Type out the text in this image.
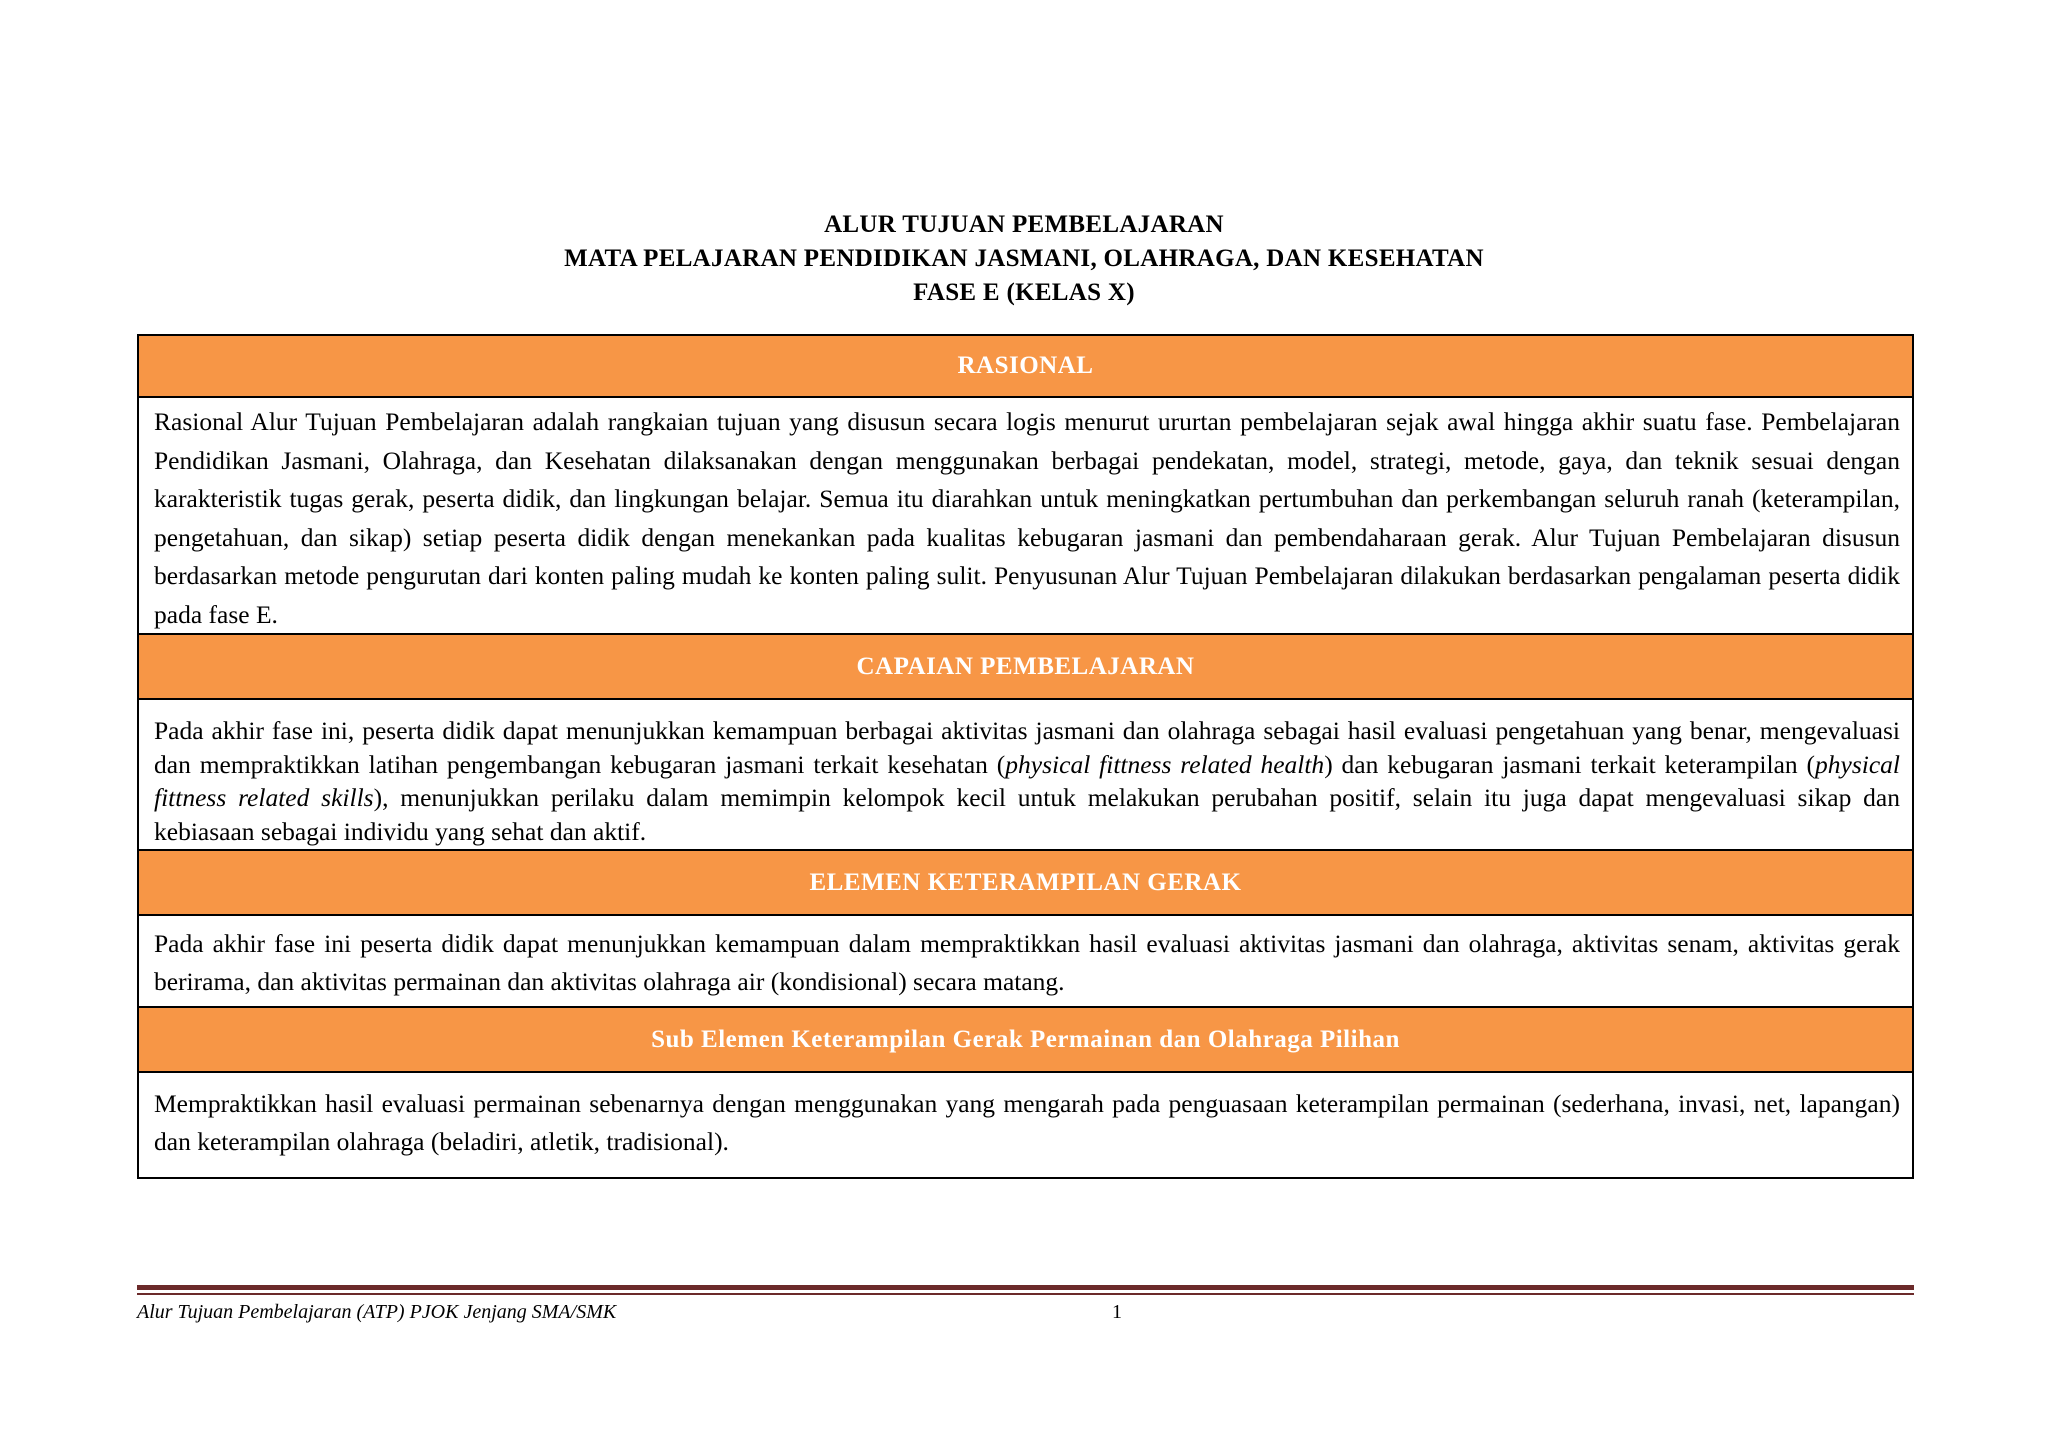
ALUR TUJUAN PEMBELAJARAN
MATA PELAJARAN PENDIDIKAN JASMANI, OLAHRAGA, DAN KESEHATAN
FASE E (KELAS X)
RASIONAL

Rasional Alur Tujuan Pembelajaran adalah rangkaian tujuan yang disusun secara logis menurut ururtan pembelajaran sejak awal hingga akhir suatu fase. Pembelajaran Pendidikan Jasmani, Olahraga, dan Kesehatan dilaksanakan dengan menggunakan berbagai pendekatan, model, strategi, metode, gaya, dan teknik sesuai dengan karakteristik tugas gerak, peserta didik, dan lingkungan belajar. Semua itu diarahkan untuk meningkatkan pertumbuhan dan perkembangan seluruh ranah (keterampilan, pengetahuan, dan sikap) setiap peserta didik dengan menekankan pada kualitas kebugaran jasmani dan pembendaharaan gerak. Alur Tujuan Pembelajaran disusun berdasarkan metode pengurutan dari konten paling mudah ke konten paling sulit. Penyusunan Alur Tujuan Pembelajaran dilakukan berdasarkan pengalaman peserta didik pada fase E.

CAPAIAN PEMBELAJARAN

Pada akhir fase ini, peserta didik dapat menunjukkan kemampuan berbagai aktivitas jasmani dan olahraga sebagai hasil evaluasi pengetahuan yang benar, mengevaluasi dan mempraktikkan latihan pengembangan kebugaran jasmani terkait kesehatan (physical fittness related health) dan kebugaran jasmani terkait keterampilan (physical fittness related skills), menunjukkan perilaku dalam memimpin kelompok kecil untuk melakukan perubahan positif, selain itu juga dapat mengevaluasi sikap dan kebiasaan sebagai individu yang sehat dan aktif.

ELEMEN KETERAMPILAN GERAK

Pada akhir fase ini peserta didik dapat menunjukkan kemampuan dalam mempraktikkan hasil evaluasi aktivitas jasmani dan olahraga, aktivitas senam, aktivitas gerak berirama, dan aktivitas permainan dan aktivitas olahraga air (kondisional) secara matang.

Sub Elemen Keterampilan Gerak Permainan dan Olahraga Pilihan

Mempraktikkan hasil evaluasi permainan sebenarnya dengan menggunakan yang mengarah pada penguasaan keterampilan permainan (sederhana, invasi, net, lapangan) dan keterampilan olahraga (beladiri, atletik, tradisional).

Alur Tujuan Pembelajaran (ATP) PJOK Jenjang SMA/SMK	1
